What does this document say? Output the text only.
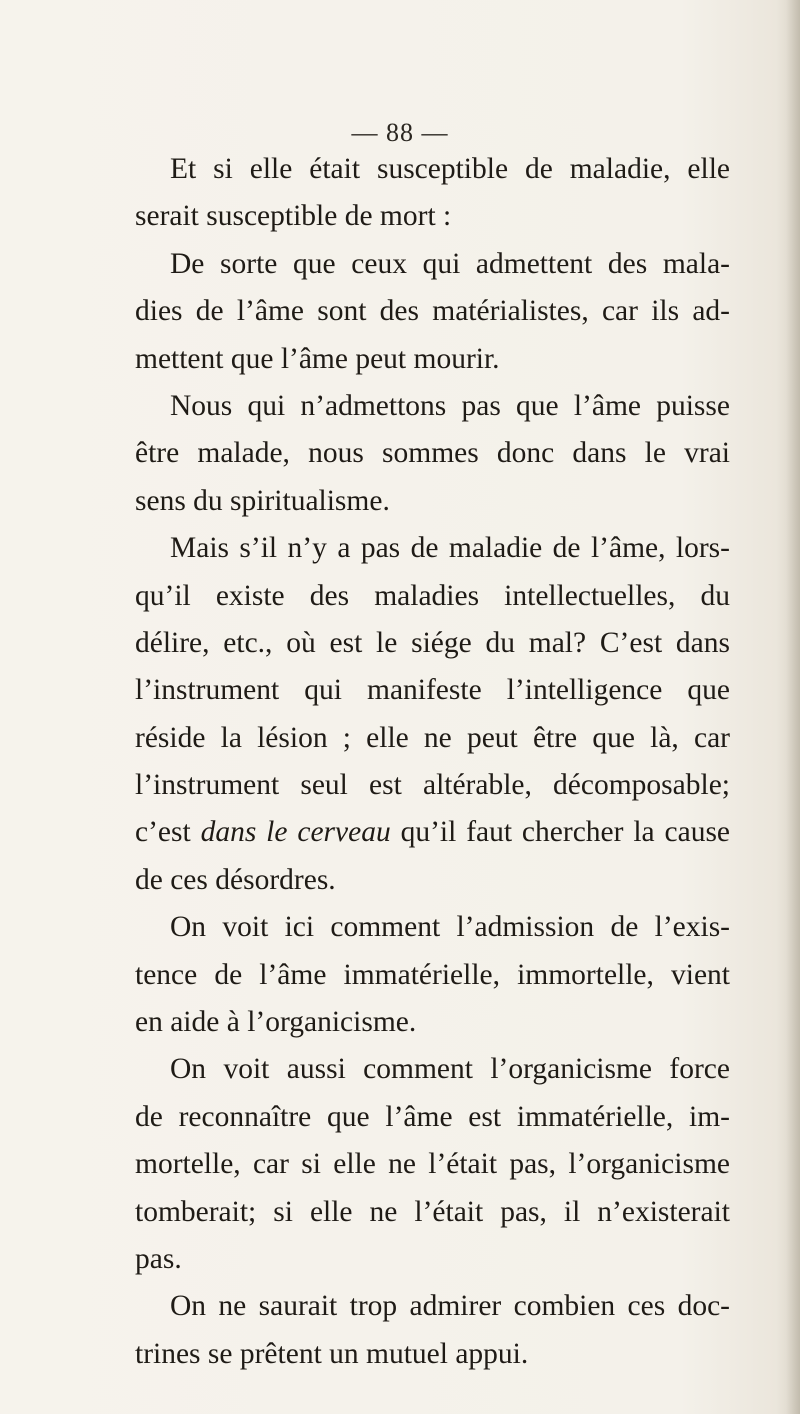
— 88 —
Et si elle était susceptible de maladie, elle
serait susceptible de mort :
De sorte que ceux qui admettent des mala-
dies de l’âme sont des matérialistes, car ils ad-
mettent que l’âme peut mourir.
Nous qui n’admettons pas que l’âme puisse
être malade, nous sommes donc dans le vrai
sens du spiritualisme.
Mais s’il n’y a pas de maladie de l’âme, lors-
qu’il existe des maladies intellectuelles, du
délire, etc., où est le siége du mal? C’est dans
l’instrument qui manifeste l’intelligence que
réside la lésion ; elle ne peut être que là, car
l’instrument seul est altérable, décomposable;
c’est dans le cerveau qu’il faut chercher la cause
de ces désordres.
On voit ici comment l’admission de l’exis-
tence de l’âme immatérielle, immortelle, vient
en aide à l’organicisme.
On voit aussi comment l’organicisme force
de reconnaître que l’âme est immatérielle, im-
mortelle, car si elle ne l’était pas, l’organicisme
tomberait; si elle ne l’était pas, il n’existerait
pas.
On ne saurait trop admirer combien ces doc-
trines se prêtent un mutuel appui.
